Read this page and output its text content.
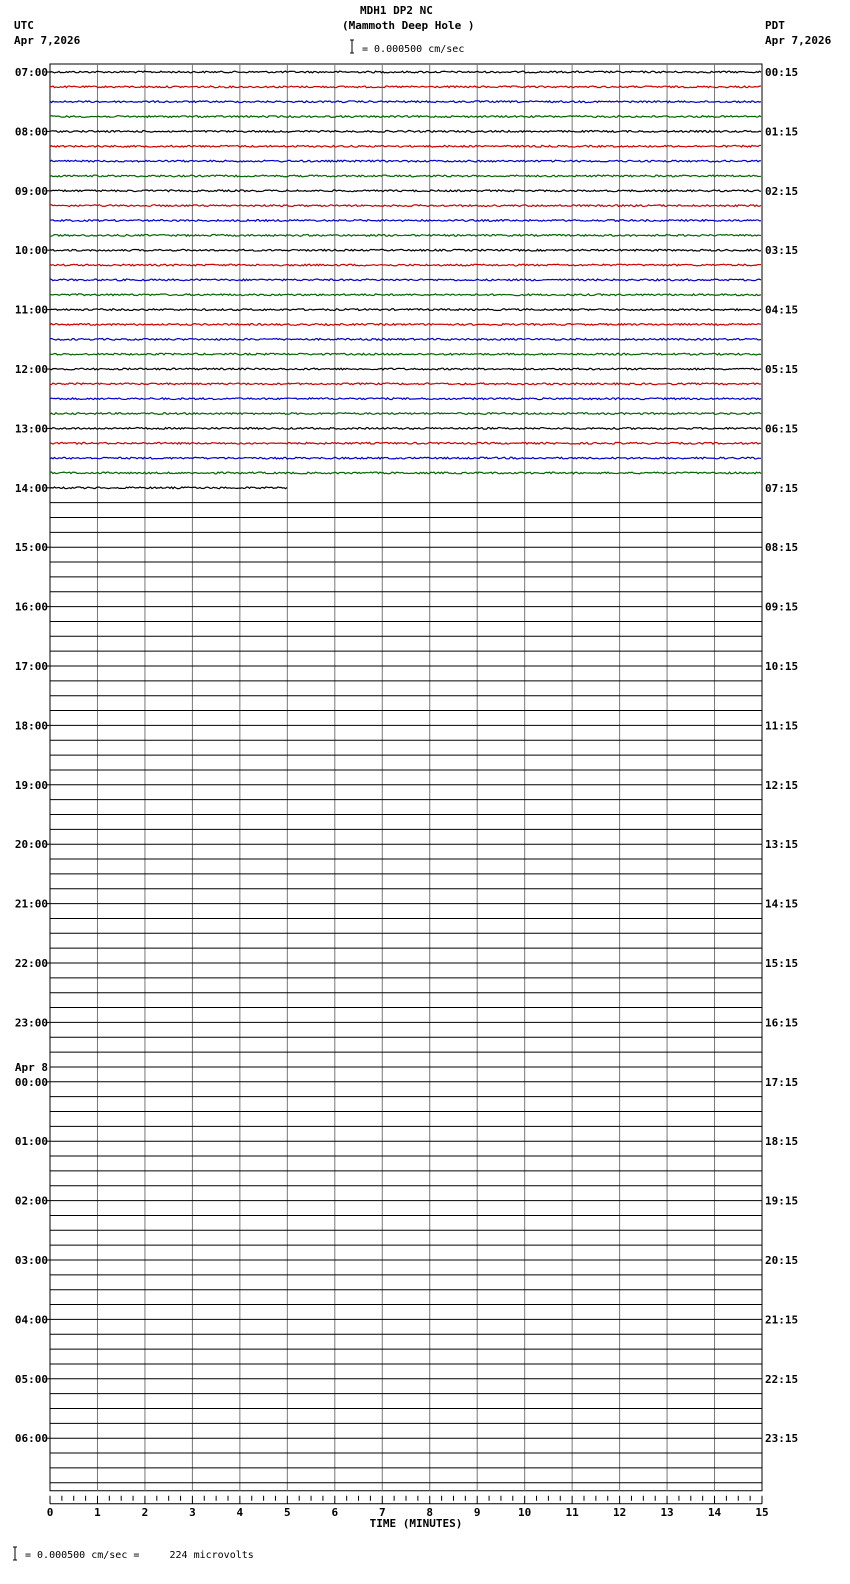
MDH1 DP2 NC
(Mammoth Deep Hole )
= 0.000500 cm/sec
UTC
Apr 7,2026
PDT
Apr 7,2026
= 0.000500 cm/sec =     224 microvolts
07:00
08:00
09:00
10:00
11:00
12:00
13:00
14:00
15:00
16:00
17:00
18:00
19:00
20:00
21:00
22:00
23:00
00:00
01:00
02:00
03:00
04:00
05:00
06:00
00:15
01:15
02:15
03:15
04:15
05:15
06:15
07:15
08:15
09:15
10:15
11:15
12:15
13:15
14:15
15:15
16:15
17:15
18:15
19:15
20:15
21:15
22:15
23:15
Apr 8
0	1	2	3	4	5	6	7	8	9	10	11	12	13	14	15
TIME (MINUTES)
